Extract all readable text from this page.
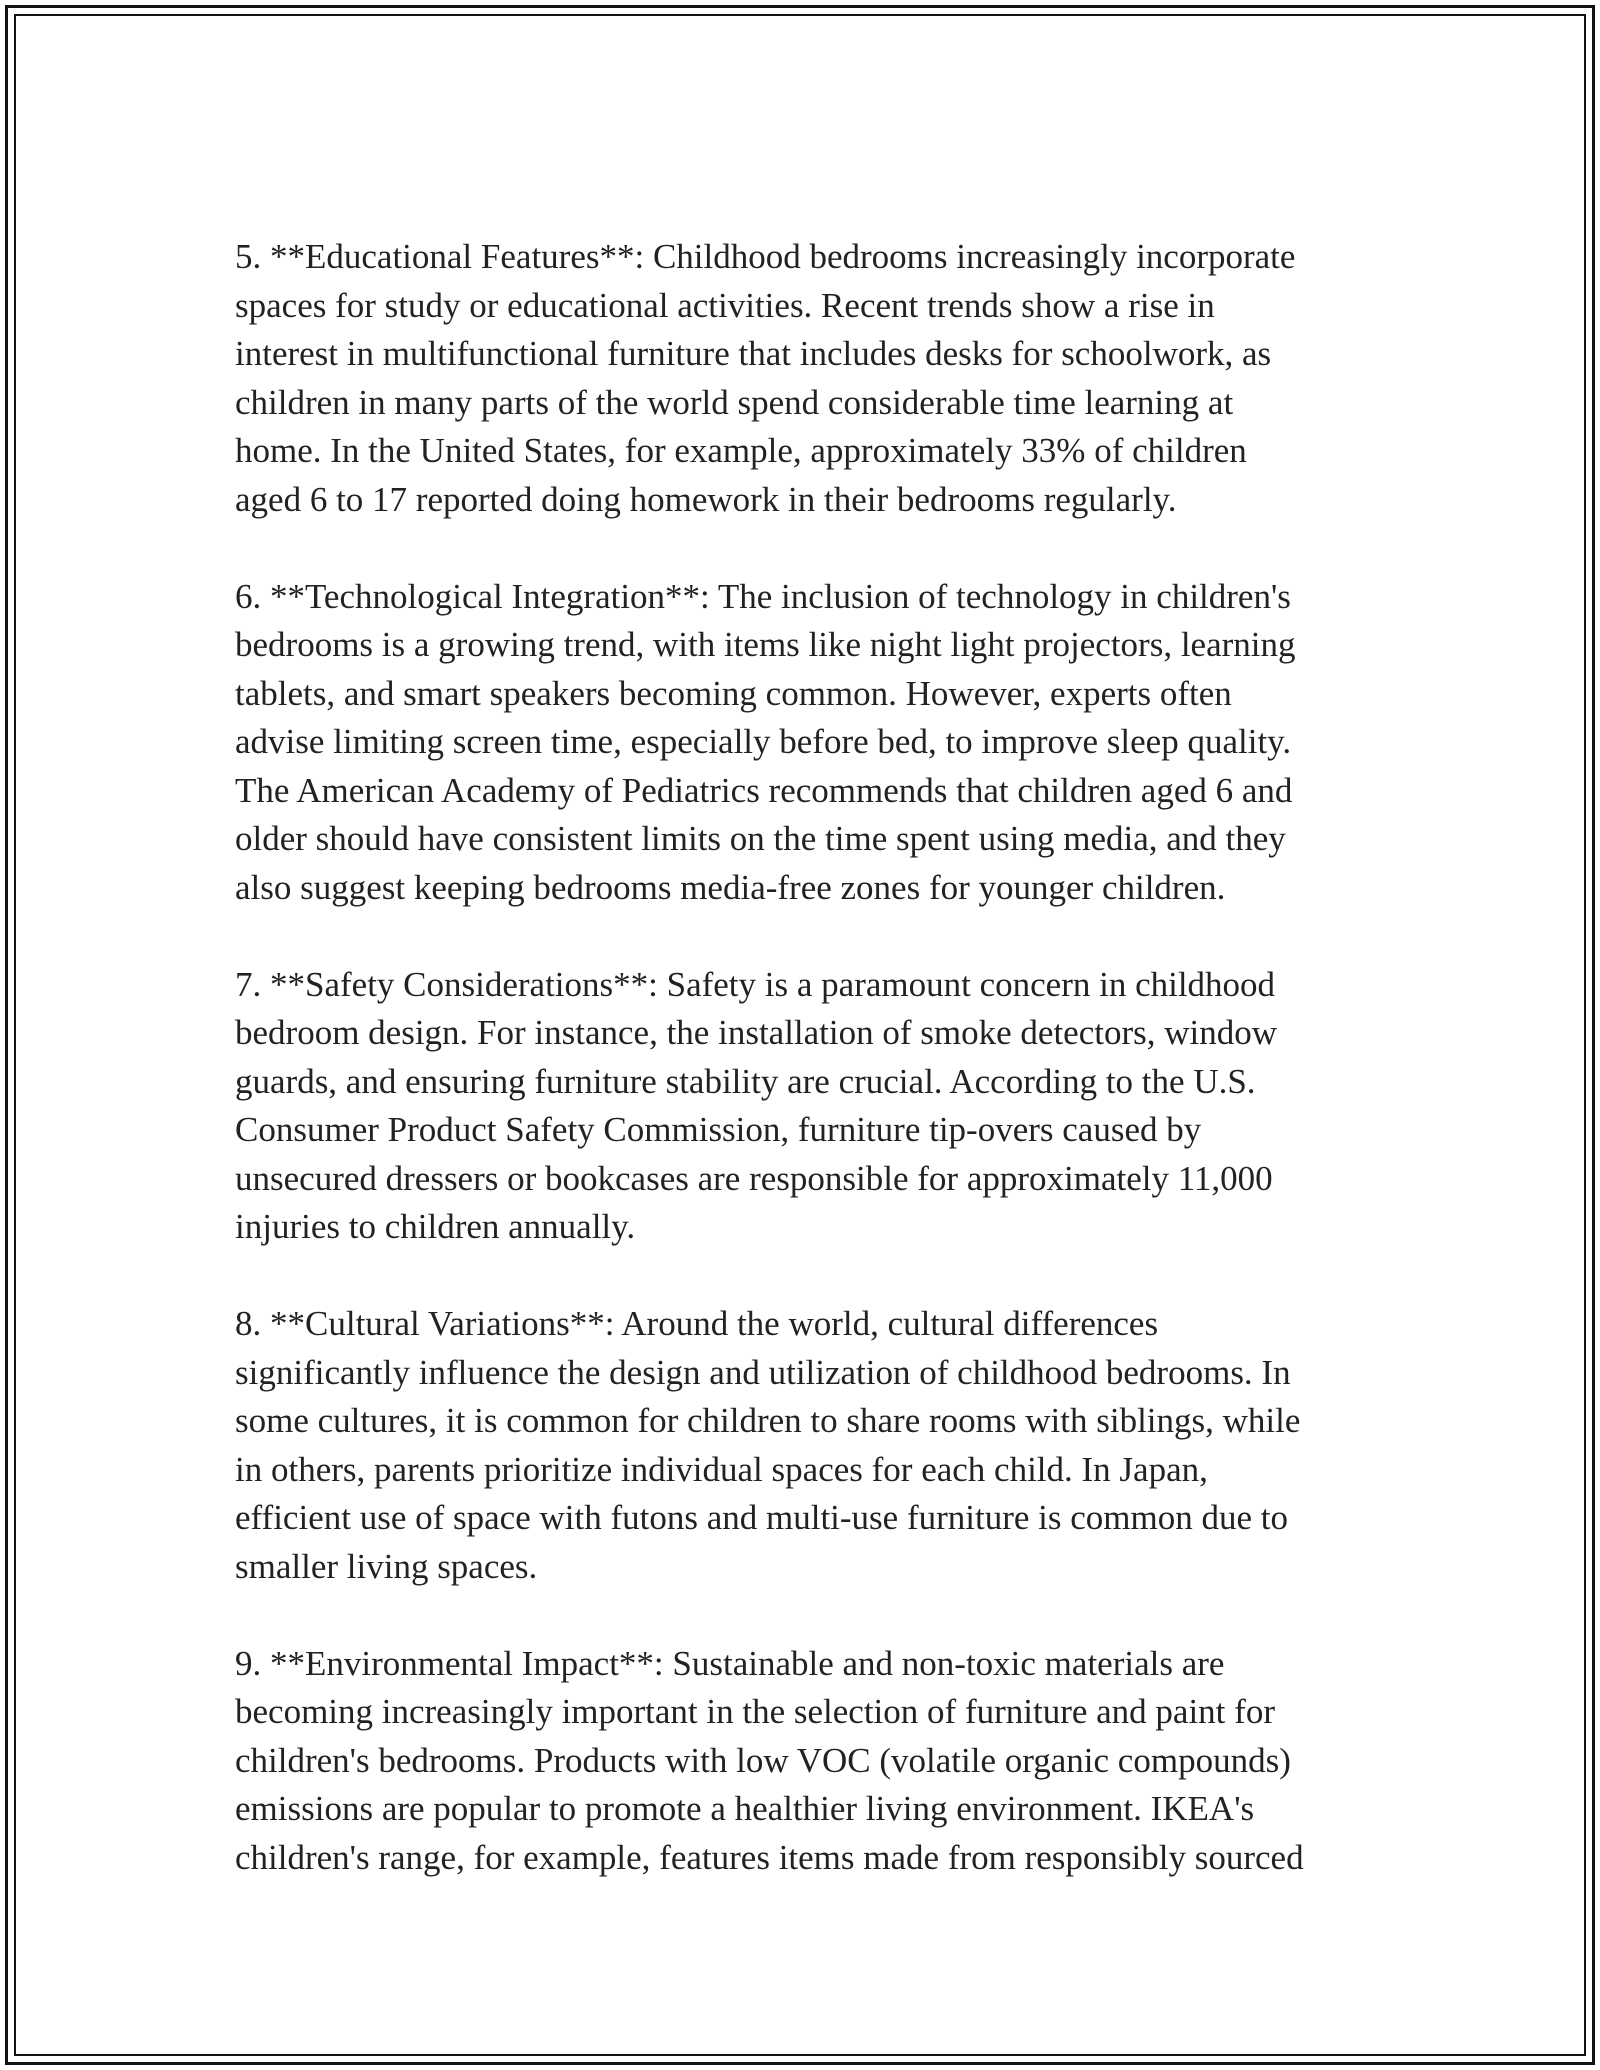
5. **Educational Features**: Childhood bedrooms increasingly incorporate
spaces for study or educational activities. Recent trends show a rise in
interest in multifunctional furniture that includes desks for schoolwork, as
children in many parts of the world spend considerable time learning at
home. In the United States, for example, approximately 33% of children
aged 6 to 17 reported doing homework in their bedrooms regularly.

6. **Technological Integration**: The inclusion of technology in children's
bedrooms is a growing trend, with items like night light projectors, learning
tablets, and smart speakers becoming common. However, experts often
advise limiting screen time, especially before bed, to improve sleep quality.
The American Academy of Pediatrics recommends that children aged 6 and
older should have consistent limits on the time spent using media, and they
also suggest keeping bedrooms media-free zones for younger children.

7. **Safety Considerations**: Safety is a paramount concern in childhood
bedroom design. For instance, the installation of smoke detectors, window
guards, and ensuring furniture stability are crucial. According to the U.S.
Consumer Product Safety Commission, furniture tip-overs caused by
unsecured dressers or bookcases are responsible for approximately 11,000
injuries to children annually.

8. **Cultural Variations**: Around the world, cultural differences
significantly influence the design and utilization of childhood bedrooms. In
some cultures, it is common for children to share rooms with siblings, while
in others, parents prioritize individual spaces for each child. In Japan,
efficient use of space with futons and multi-use furniture is common due to
smaller living spaces.

9. **Environmental Impact**: Sustainable and non-toxic materials are
becoming increasingly important in the selection of furniture and paint for
children's bedrooms. Products with low VOC (volatile organic compounds)
emissions are popular to promote a healthier living environment. IKEA's
children's range, for example, features items made from responsibly sourced
